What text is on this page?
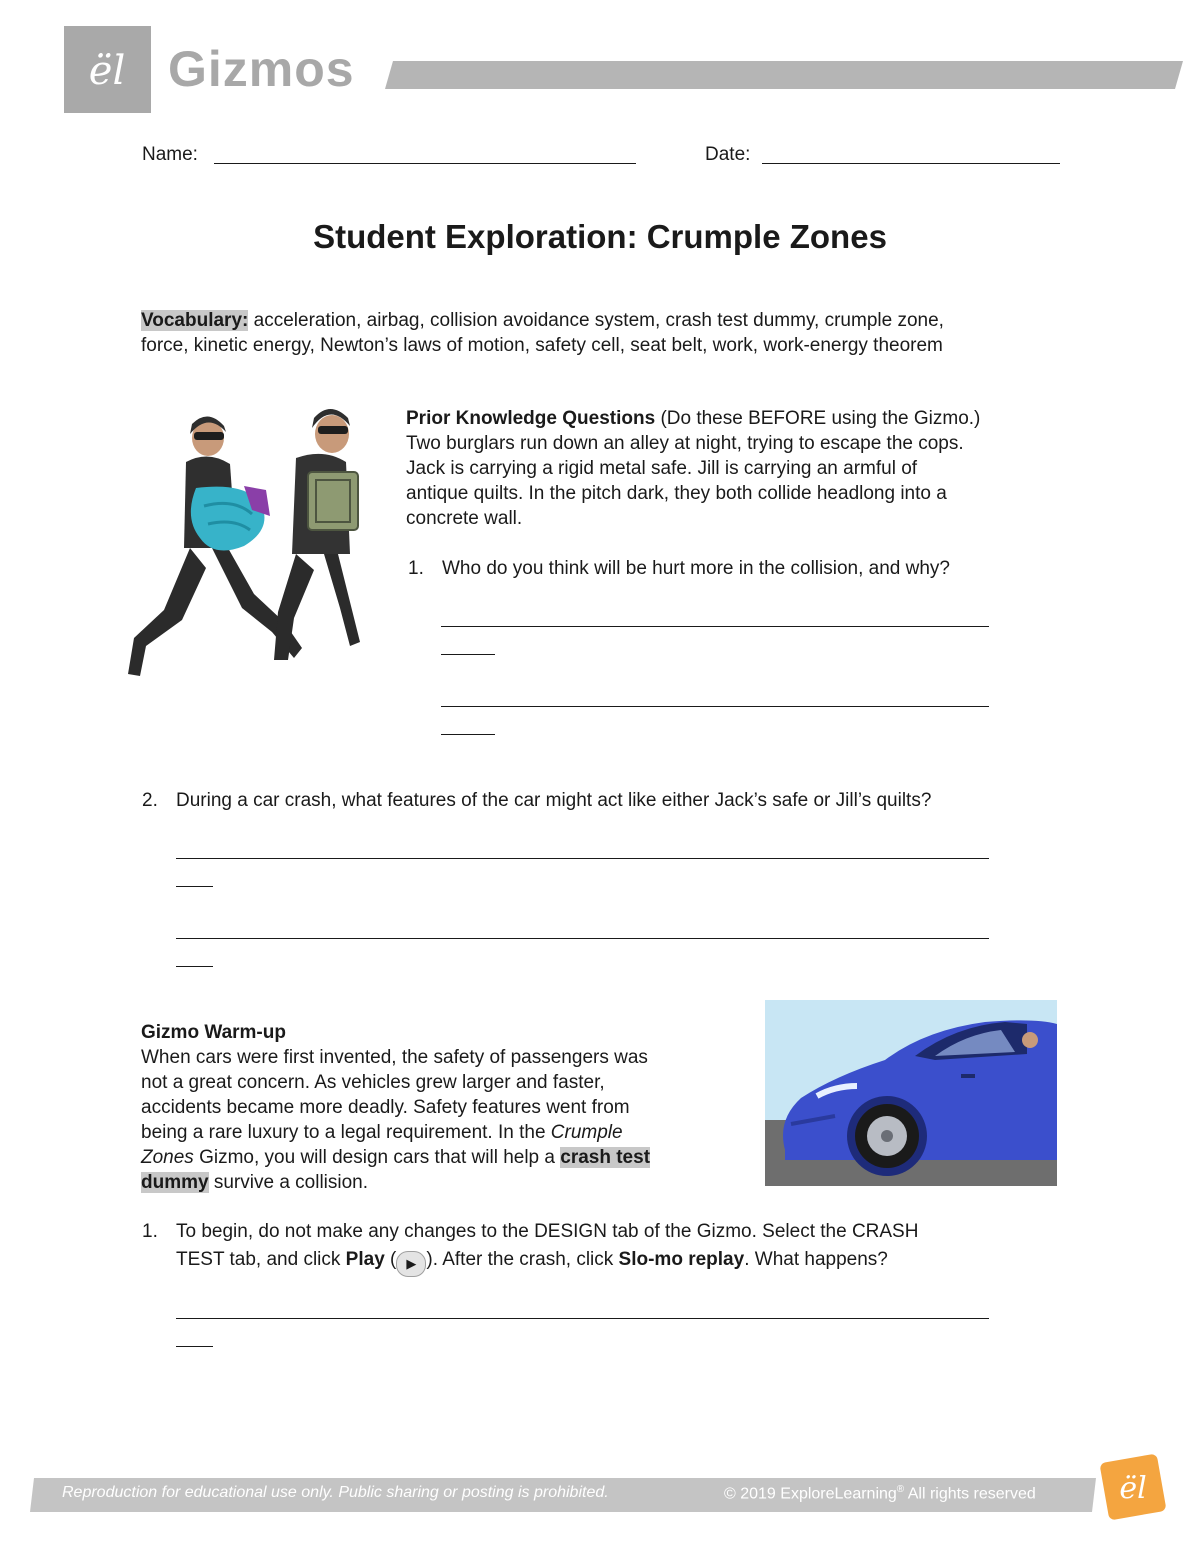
ël Gizmos
Name:	Date:
Student Exploration: Crumple Zones
Vocabulary: acceleration, airbag, collision avoidance system, crash test dummy, crumple zone,
force, kinetic energy, Newton’s laws of motion, safety cell, seat belt, work, work-energy theorem
Prior Knowledge Questions (Do these BEFORE using the Gizmo.)
Two burglars run down an alley at night, trying to escape the cops.
Jack is carrying a rigid metal safe. Jill is carrying an armful of
antique quilts. In the pitch dark, they both collide headlong into a
concrete wall.
1. Who do you think will be hurt more in the collision, and why?
2. During a car crash, what features of the car might act like either Jack’s safe or Jill’s quilts?
Gizmo Warm-up
When cars were first invented, the safety of passengers was
not a great concern. As vehicles grew larger and faster,
accidents became more deadly. Safety features went from
being a rare luxury to a legal requirement. In the Crumple
Zones Gizmo, you will design cars that will help a crash test
dummy survive a collision.
1. To begin, do not make any changes to the DESIGN tab of the Gizmo. Select the CRASH
TEST tab, and click Play ( ▶ ). After the crash, click Slo-mo replay. What happens?
Reproduction for educational use only. Public sharing or posting is prohibited.	© 2019 ExploreLearning® All rights reserved	ël
